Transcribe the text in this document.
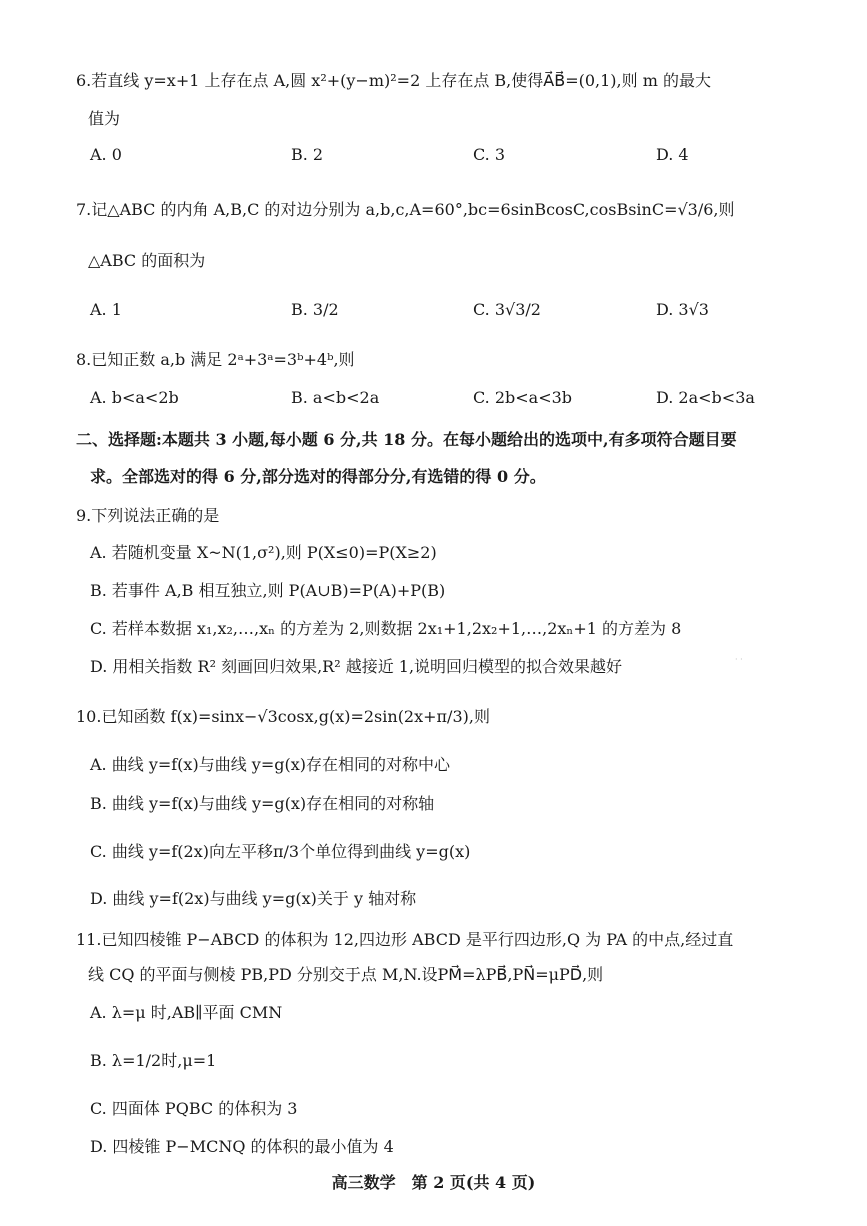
6.若直线 y=x+1 上存在点 A,圆 x²+(y−m)²=2 上存在点 B,使得A⃗B⃗=(0,1),则 m 的最大
值为
A. 0	B. 2	C. 3	D. 4
7.记△ABC 的内角 A,B,C 的对边分别为 a,b,c,A=60°,bc=6sinBcosC,cosBsinC=√3/6,则
△ABC 的面积为
A. 1	B. 3/2	C. 3√3/2	D. 3√3
8.已知正数 a,b 满足 2ᵃ+3ᵃ=3ᵇ+4ᵇ,则
A. b<a<2b	B. a<b<2a	C. 2b<a<3b	D. 2a<b<3a
二、选择题:本题共 3 小题,每小题 6 分,共 18 分。在每小题给出的选项中,有多项符合题目要
求。全部选对的得 6 分,部分选对的得部分分,有选错的得 0 分。
9.下列说法正确的是
A. 若随机变量 X~N(1,σ²),则 P(X≤0)=P(X≥2)
B. 若事件 A,B 相互独立,则 P(A∪B)=P(A)+P(B)
C. 若样本数据 x₁,x₂,…,xₙ 的方差为 2,则数据 2x₁+1,2x₂+1,…,2xₙ+1 的方差为 8
D. 用相关指数 R² 刻画回归效果,R² 越接近 1,说明回归模型的拟合效果越好	· ·
10.已知函数 f(x)=sinx−√3cosx,g(x)=2sin(2x+π/3),则
A. 曲线 y=f(x)与曲线 y=g(x)存在相同的对称中心
B. 曲线 y=f(x)与曲线 y=g(x)存在相同的对称轴
C. 曲线 y=f(2x)向左平移π/3个单位得到曲线 y=g(x)
D. 曲线 y=f(2x)与曲线 y=g(x)关于 y 轴对称
11.已知四棱锥 P−ABCD 的体积为 12,四边形 ABCD 是平行四边形,Q 为 PA 的中点,经过直
线 CQ 的平面与侧棱 PB,PD 分别交于点 M,N.设PM⃗=λPB⃗,PN⃗=μPD⃗,则
A. λ=μ 时,AB∥平面 CMN
B. λ=1/2时,μ=1
C. 四面体 PQBC 的体积为 3
D. 四棱锥 P−MCNQ 的体积的最小值为 4
高三数学　第 2 页(共 4 页)
